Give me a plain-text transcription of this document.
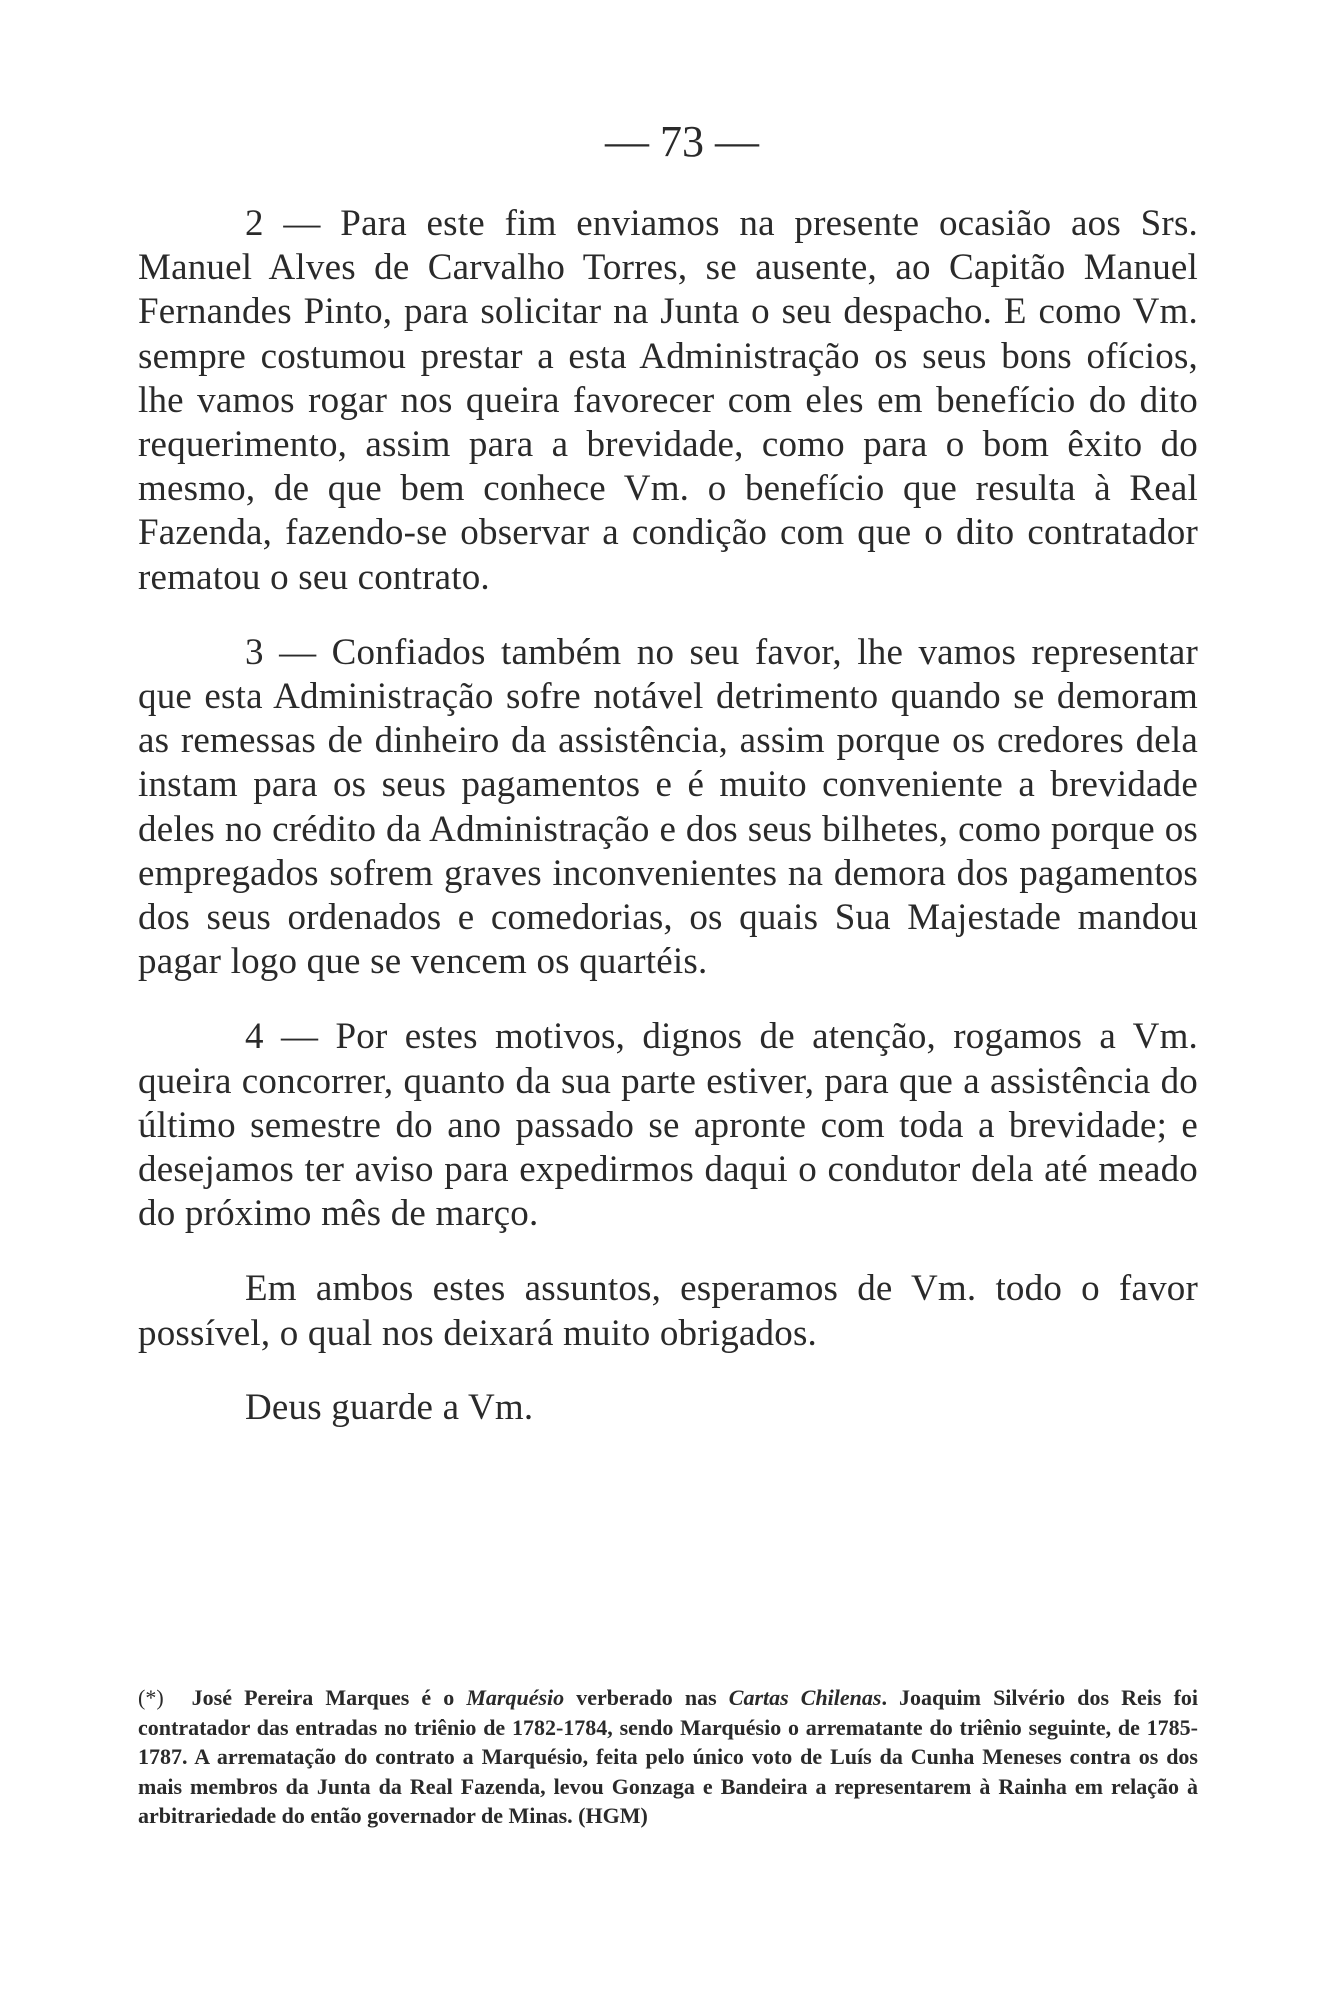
— 73 —

2 — Para este fim enviamos na presente ocasião aos Srs. Manuel Alves de Carvalho Torres, se ausente, ao Capitão Manuel Fernandes Pinto, para solicitar na Junta o seu despacho. E como Vm. sempre costumou prestar a esta Administração os seus bons ofícios, lhe vamos rogar nos queira favorecer com eles em benefício do dito requerimento, assim para a brevidade, como para o bom êxito do mesmo, de que bem conhece Vm. o benefício que resulta à Real Fazenda, fazendo-se observar a condição com que o dito contratador rematou o seu contrato.

3 — Confiados também no seu favor, lhe vamos representar que esta Administração sofre notável detrimento quando se demoram as remessas de dinheiro da assistência, assim porque os credores dela instam para os seus pagamentos e é muito conveniente a brevidade deles no crédito da Administração e dos seus bilhetes, como porque os empregados sofrem graves inconvenientes na demora dos pagamentos dos seus ordenados e comedorias, os quais Sua Majestade mandou pagar logo que se vencem os quartéis.

4 — Por estes motivos, dignos de atenção, rogamos a Vm. queira concorrer, quanto da sua parte estiver, para que a assistência do último semestre do ano passado se apronte com toda a brevidade; e desejamos ter aviso para expedirmos daqui o condutor dela até meado do próximo mês de março.

Em ambos estes assuntos, esperamos de Vm. todo o favor possível, o qual nos deixará muito obrigados.

Deus guarde a Vm.

(*) José Pereira Marques é o Marquésio verberado nas Cartas Chilenas. Joaquim Silvério dos Reis foi contratador das entradas no triênio de 1782-1784, sendo Marquésio o arrematante do triênio seguinte, de 1785-1787. A arrematação do contrato a Marquésio, feita pelo único voto de Luís da Cunha Meneses contra os dos mais membros da Junta da Real Fazenda, levou Gonzaga e Bandeira a representarem à Rainha em relação à arbitrariedade do então governador de Minas. (HGM)
